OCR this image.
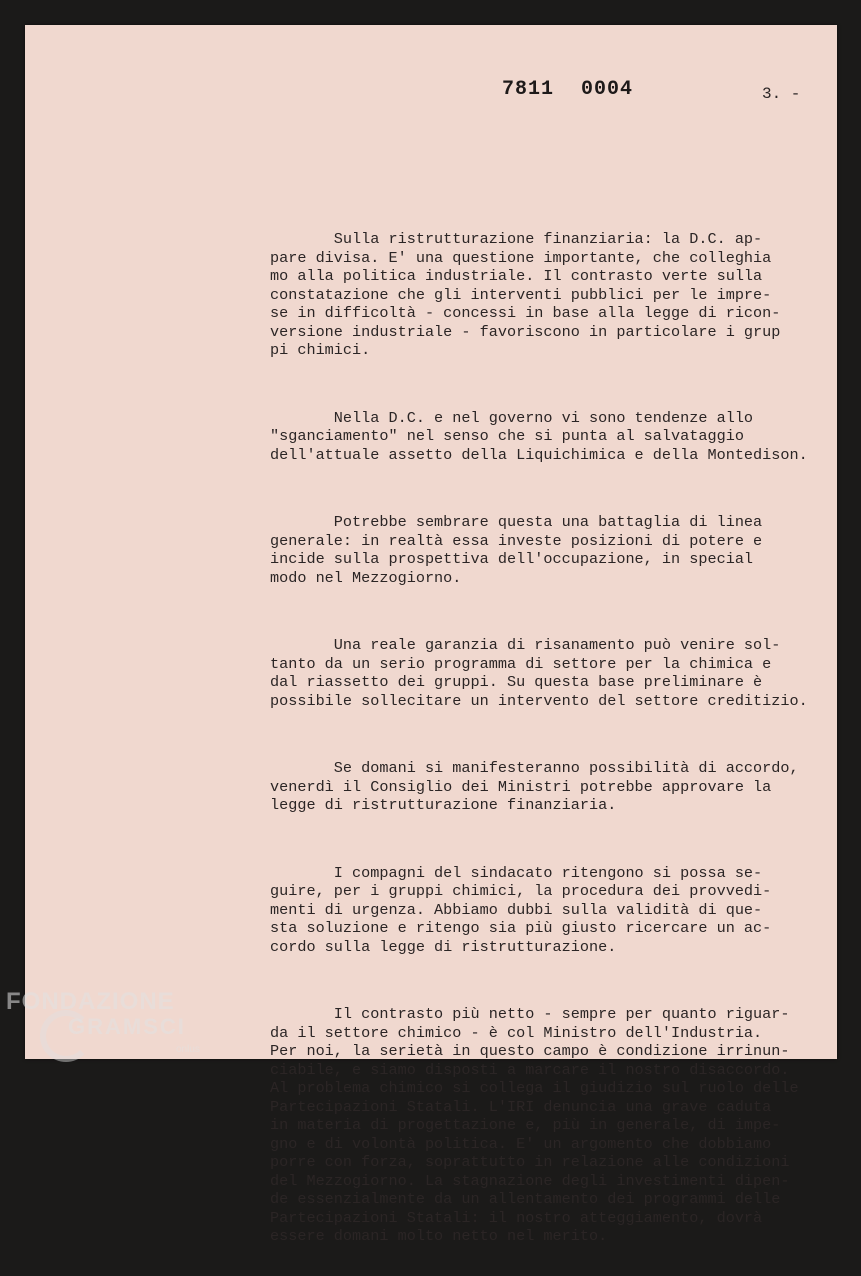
7811 0004	3. -

Sulla ristrutturazione finanziaria: la D.C. ap-
pare divisa. E' una questione importante, che colleghia
mo alla politica industriale. Il contrasto verte sulla
constatazione che gli interventi pubblici per le impre-
se in difficoltà - concessi in base alla legge di ricon-
versione industriale - favoriscono in particolare i grup
pi chimici.

Nella D.C. e nel governo vi sono tendenze allo
"sganciamento" nel senso che si punta al salvataggio
dell'attuale assetto della Liquichimica e della Montedison.

Potrebbe sembrare questa una battaglia di linea
generale: in realtà essa investe posizioni di potere e
incide sulla prospettiva dell'occupazione, in special
modo nel Mezzogiorno.

Una reale garanzia di risanamento può venire sol-
tanto da un serio programma di settore per la chimica e
dal riassetto dei gruppi. Su questa base preliminare è
possibile sollecitare un intervento del settore creditizio.

Se domani si manifesteranno possibilità di accordo,
venerdì il Consiglio dei Ministri potrebbe approvare la
legge di ristrutturazione finanziaria.

I compagni del sindacato ritengono si possa se-
guire, per i gruppi chimici, la procedura dei provvedi-
menti di urgenza. Abbiamo dubbi sulla validità di que-
sta soluzione e ritengo sia più giusto ricercare un ac-
cordo sulla legge di ristrutturazione.

Il contrasto più netto - sempre per quanto riguar-
da il settore chimico - è col Ministro dell'Industria.
Per noi, la serietà in questo campo è condizione irrinun-
ciabile, e siamo disposti a marcare il nostro disaccordo.
Al problema chimico si collega il giudizio sul ruolo delle
Partecipazioni Statali. L'IRI denuncia una grave caduta
in materia di progettazione e, più in generale, di impe-
gno e di volontà politica. E' un argomento che dobbiamo
porre con forza, soprattutto in relazione alle condizioni
del Mezzogiorno. La stagnazione degli investimenti dipen-
de essenzialmente da un allentamento dei programmi delle
Partecipazioni Statali: il nostro atteggiamento, dovrà
essere domani molto netto nel merito.

FONDAZIONE
GRAMSCI
onlus
